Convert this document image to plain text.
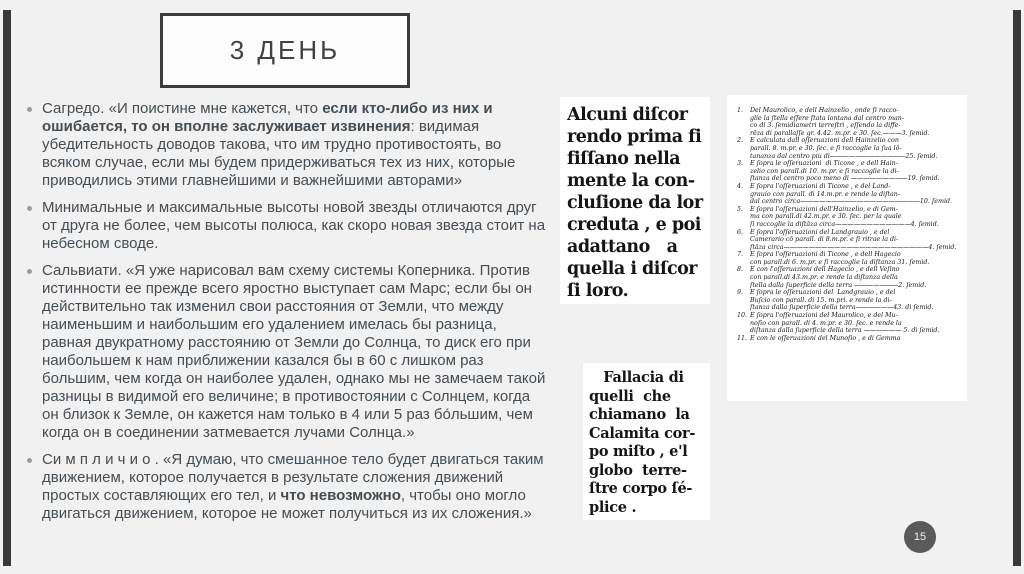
3 ДЕНЬ
Сагредо. «И поистине мне кажется, что если кто-либо из них и ошибается, то он вполне заслуживает извинения: видимая убедительность доводов такова, что им трудно противостоять, во всяком случае, если мы будем придерживаться тех из них, которые приводились этими главнейшими и важнейшими авторами»
Минимальные и максимальные высоты новой звезды отличаются друг от друга не более, чем высоты полюса, как скоро новая звезда стоит на небесном своде.
Сальвиати. «Я уже нарисовал вам схему системы Коперника. Против истинности ее прежде всего яростно выступает сам Марс; если бы он действительно так изменил свои расстояния от Земли, что между наименьшим и наибольшим его удалением имелась бы разница, равная двукратному расстоянию от Земли до Солнца, то диск его при наибольшем к нам приближении казался бы в 60 с лишком раз большим, чем когда он наиболее удален, однако мы не замечаем такой разницы в видимой его величине; в противостоянии с Солнцем, когда он близок к Земле, он кажется нам только в 4 или 5 раз бо́льшим, чем когда он в соединении затмевается лучами Солнца.»
Си м п л и ч и о . «Я думаю, что смешанное тело будет двигаться таким движением, которое получается в результате сложения движений простых составляющих его тел, и что невозможно, чтобы оно могло двигаться движением, которое не может получиться из их сложения.»
Alcuni diſcor
rendo prima fi
fiſſano nella
mente la con-
cluſione da lor
creduta , e poi
adattano   a
quella i diſcor
ſi loro.
Fallacia di
quelli  che
chiamano  la
Calamita cor-
po miſto , e'l
globo  terre-
ſtre corpo ſé-
plice .
1.	Del Maurolico, e dell Hainzelio , onde ſi racco-
glie la ſtella eſſere ſtata lontana dal centro man-
co di 3. ſemidiametri terreſtri , eſſendo la diffe-
rēza di parallaſſe gr. 4.42. m.pr. e 30. ſec.———3. ſemid.
2.	E calculata dall oſſeruazioni dell Hainzelio con
parall. 8. m.pr. e 30. ſec. e ſi raccoglie la ſua lō-
tananza dal centro più di————————————25. ſemid.
3.	E ſopra le oſſeruazioni  di Ticone , e dell Hain-
zelio con parall.di 10. m.pr. e ſi raccoglie la di-
ſtanza del centro poco meno di —————————19. ſemid.
4.	E ſopra l'oſſeruazioni di Ticone , e del Land-
grauio con parall. di 14.m.pr. e rende la diſtan-
dal centro circa———————————————————10. ſemid.
5.	E ſopra l'oſſeruazioni dell'Hainzelio, e di Gem-
ma con parall.di 42.m.pr. e 30. ſec. per la quale
ſi raccoglie la diſtāza circa————————————4. ſemid.
6.	E ſopra l'oſſeruazioni del Landgrauio , e del
Camerario cō parall. di 8.m.pr. e ſi ritrae la di-
ſtāza circa———————————————————————4. ſemid.
7.	E ſopra l'oſſeruazioni di Ticone , e dell Hagecio
con parall.di 6. m.pr. e ſi raccoglie la diſtanza 31. ſemid.
8.	E con l'oſſeruazioni dell Hagecio , e dell Veſino
con parall.di 43.m.pr. e rende la diſtanza della
ſtella dalla ſuperficie della terra ———————2. ſemid.
9.	E ſopra le oſſeruazioni del  Landgrauio , e del
Buſcio con parall. di 15. m.pri. e rende la di-
ſtanza dalla ſuperficie della terra——————43. di ſemid.
10. E ſopra l'oſſeruazioni del Maurolico, e del Mu-
noſio con parall. di 4. m.pr. e 30. ſec. e rende la
diſtanza dalla ſuperficie della terra —————— 5. di ſemid.
11. E con le oſſeruazioni del Munoſio , e di Gemma
15
